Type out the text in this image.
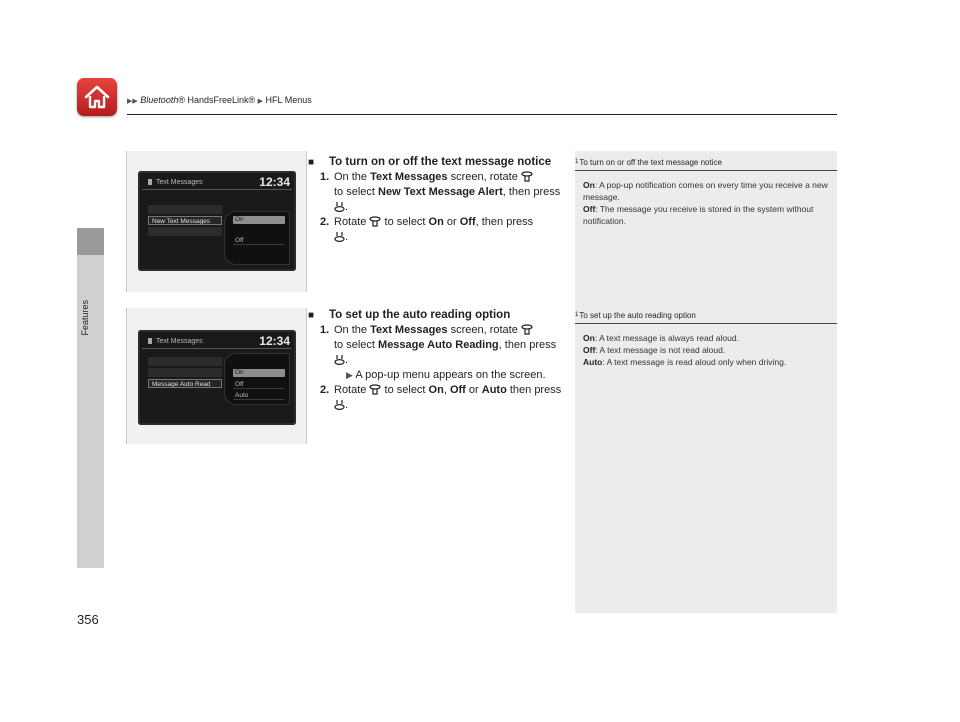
▶▶ Bluetooth® HandsFreeLink® ▶ HFL Menus
Features
356
Text Messages	12:34
New Text Messages	On
Off
Text Messages	12:34
Message Auto Read
On
Off
Auto
■ To turn on or off the text message notice
1. On the Text Messages screen, rotate
to select New Text Message Alert, then press .
2. Rotate  to select On or Off, then press
.
■ To set up the auto reading option
1. On the Text Messages screen, rotate
to select Message Auto Reading, then press .
▶ A pop-up menu appears on the screen.
2. Rotate  to select On, Off or Auto then press
.
$^1$To turn on or off the text message notice
On: A pop-up notification comes on every time you receive a new message.
Off: The message you receive is stored in the system without notification.
$^1$To set up the auto reading option
On: A text message is always read aloud.
Off: A text message is not read aloud.
Auto: A text message is read aloud only when driving.
